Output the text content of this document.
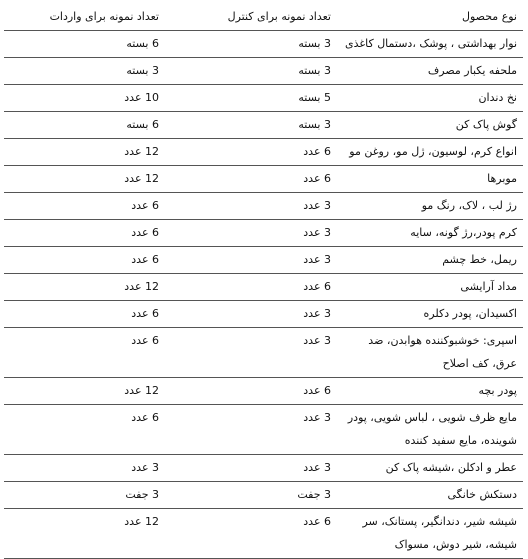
نوع محصول	تعداد نمونه برای کنترل	تعداد نمونه برای واردات
نوار بهداشتی ، پوشک ،دستمال کاغذی	3 بسته	6 بسته
ملحفه یکبار مصرف	3 بسته	3 بسته
نخ دندان	5 بسته	10 عدد
گوش پاک کن	3 بسته	6 بسته
انواع کرم، لوسیون، ژل مو، روغن مو	6 عدد	12 عدد
موبرها	6 عدد	12 عدد
رژ لب ، لاک، رنگ مو	3 عدد	6 عدد
کرم پودر،رژ گونه، سایه	3 عدد	6 عدد
ریمل، خط چشم	3 عدد	6 عدد
مداد آرایشی	6 عدد	12 عدد
اکسیدان، پودر دکلره	3 عدد	6 عدد
اسپری: خوشبوکننده هوابدن، ضد عرق، کف اصلاح	3 عدد	6 عدد
پودر بچه	6 عدد	12 عدد
مایع ظرف شویی ، لباس شویی، پودر شوینده، مایع سفید کننده	3 عدد	6 عدد
عطر و ادکلن ،شیشه پاک کن	3 عدد	3 عدد
دستکش خانگی	3 جفت	3 جفت
شیشه شیر، دندانگیر، پستانک، سر شیشه، شیر دوش، مسواک	6 عدد	12 عدد
